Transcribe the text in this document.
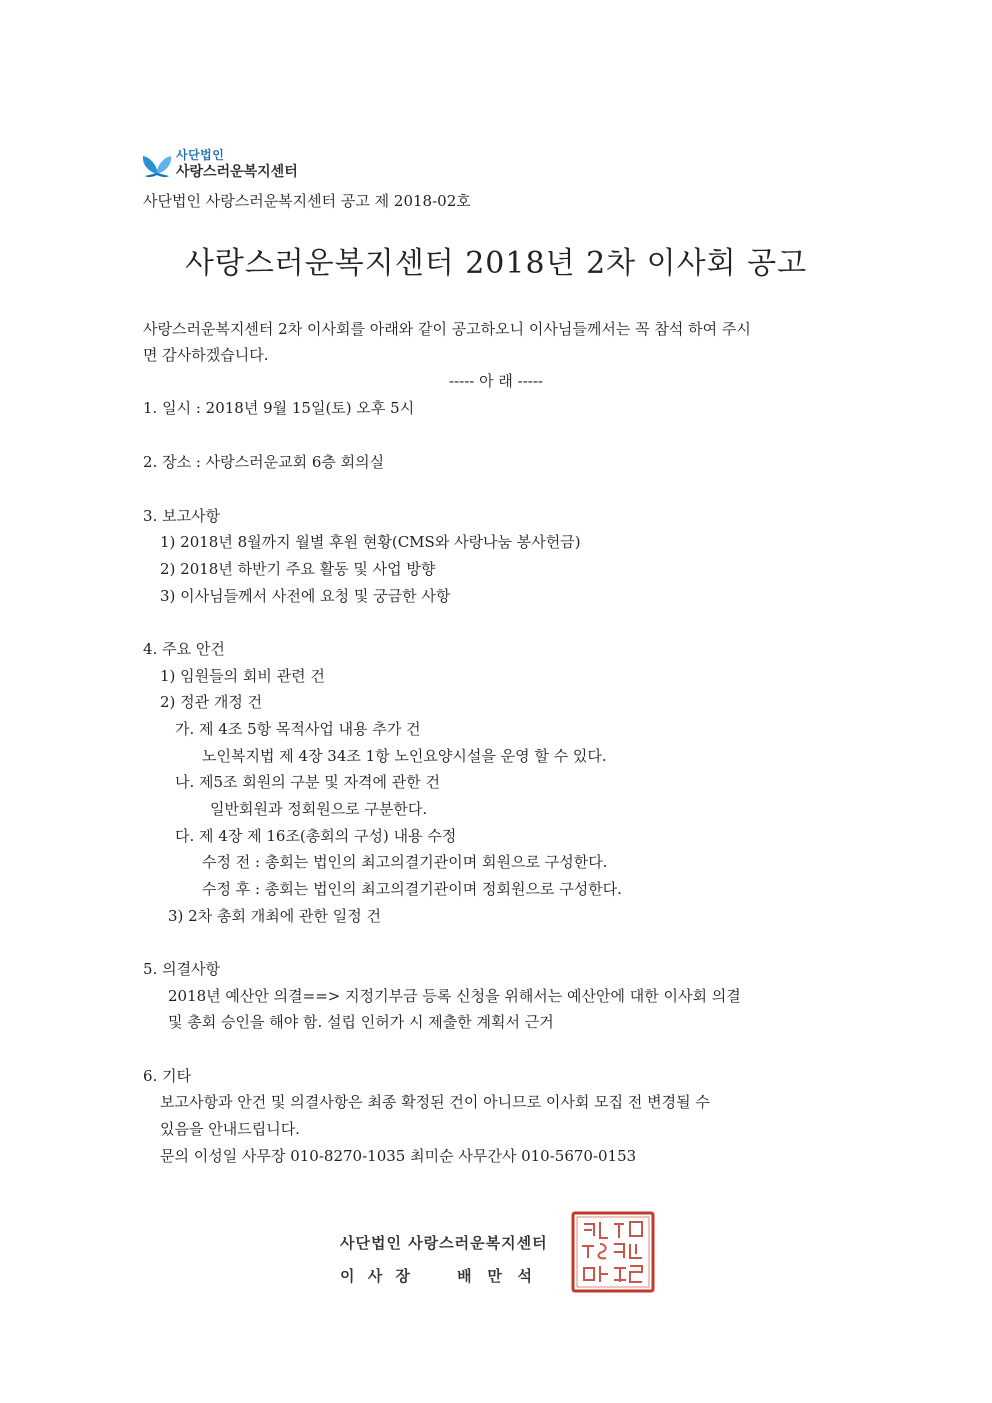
사단법인
사랑스러운복지센터
사단법인 사랑스러운복지센터 공고 제 2018-02호
사랑스러운복지센터 2018년 2차 이사회 공고

사랑스러운복지센터 2차 이사회를 아래와 같이 공고하오니 이사님들께서는 꼭 참석 하여 주시

면 감사하겠습니다.

----- 아 래 -----
1. 일시 : 2018년 9월 15일(토) 오후 5시
2. 장소 : 사랑스러운교회 6층 회의실
3. 보고사항
1) 2018년 8월까지 월별 후원 현황(CMS와 사랑나눔 봉사헌금)
2) 2018년 하반기 주요 활동 및 사업 방향
3) 이사님들께서 사전에 요청 및 궁금한 사항
4. 주요 안건
1) 임원들의 회비 관련 건
2) 정관 개정 건
가. 제 4조 5항 목적사업 내용 추가 건
노인복지법 제 4장 34조 1항 노인요양시설을 운영 할 수 있다.
나. 제5조 회원의 구분 및 자격에 관한 건
일반회원과 정회원으로 구분한다.
다. 제 4장 제 16조(총회의 구성) 내용 수정
수정 전 : 총회는 법인의 최고의결기관이며 회원으로 구성한다.
수정 후 : 총회는 법인의 최고의결기관이며 정회원으로 구성한다.
3) 2차 총회 개최에 관한 일정 건
5. 의결사항
2018년 예산안 의결==> 지정기부금 등록 신청을 위해서는 예산안에 대한 이사회 의결
및 총회 승인을 해야 함. 설립 인허가 시 제출한 계획서 근거
6. 기타
보고사항과 안건 및 의결사항은 최종 확정된 건이 아니므로 이사회 모집 전 변경될 수
있음을 안내드립니다.
문의 이성일 사무장 010-8270-1035 최미순 사무간사 010-5670-0153
사단법인 사랑스러운복지센터
이 사 장	배   만   석
